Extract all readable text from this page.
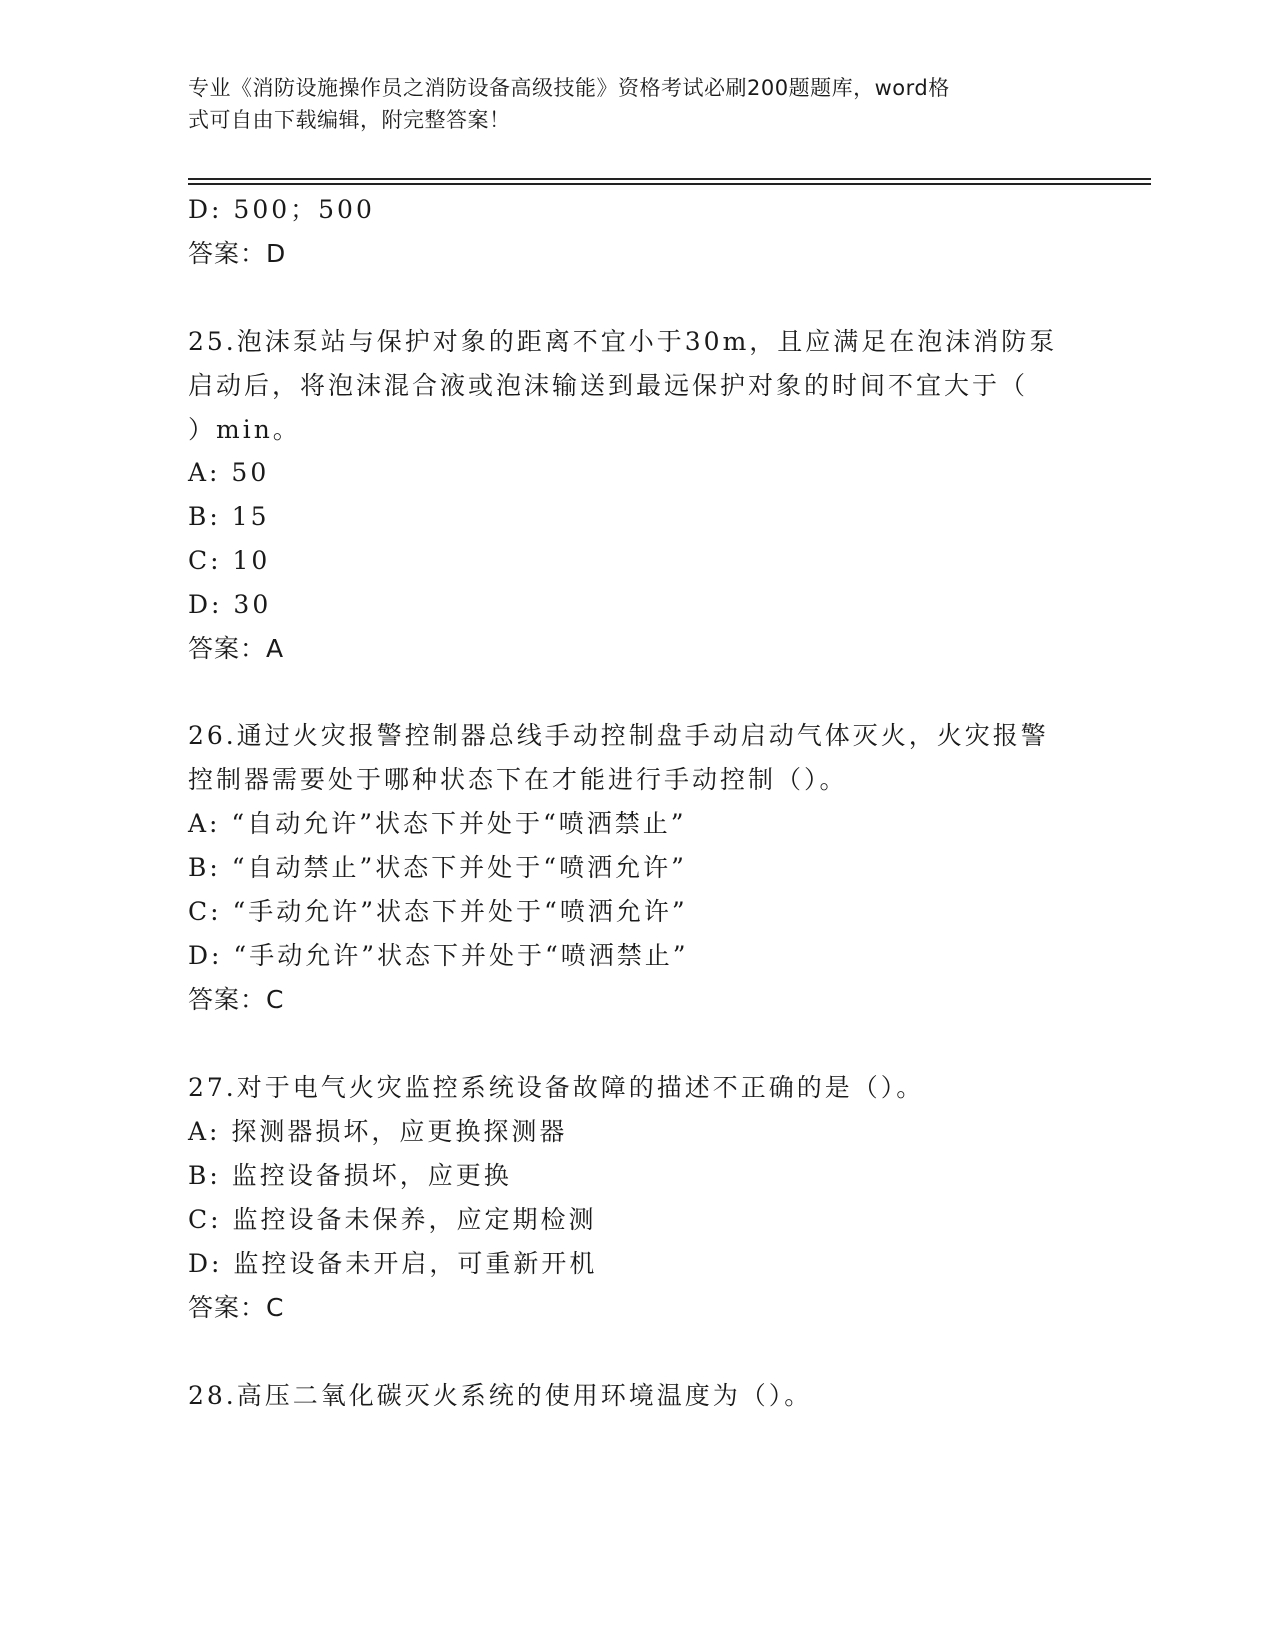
专业《消防设施操作员之消防设备高级技能》资格考试必刷200题题库，word格
式可自由下载编辑，附完整答案！
D: 500；500
答案：D
25.泡沫泵站与保护对象的距离不宜小于30m，且应满足在泡沫消防泵
启动后，将泡沫混合液或泡沫输送到最远保护对象的时间不宜大于（
）min。
A: 50
B: 15
C: 10
D: 30
答案：A
26.通过火灾报警控制器总线手动控制盘手动启动气体灭火，火灾报警
控制器需要处于哪种状态下在才能进行手动控制（）。
A: “自动允许”状态下并处于“喷洒禁止”
B: “自动禁止”状态下并处于“喷洒允许”
C: “手动允许”状态下并处于“喷洒允许”
D: “手动允许”状态下并处于“喷洒禁止”
答案：C
27.对于电气火灾监控系统设备故障的描述不正确的是（）。
A: 探测器损坏，应更换探测器
B: 监控设备损坏，应更换
C: 监控设备未保养，应定期检测
D: 监控设备未开启，可重新开机
答案：C
28.高压二氧化碳灭火系统的使用环境温度为（）。
